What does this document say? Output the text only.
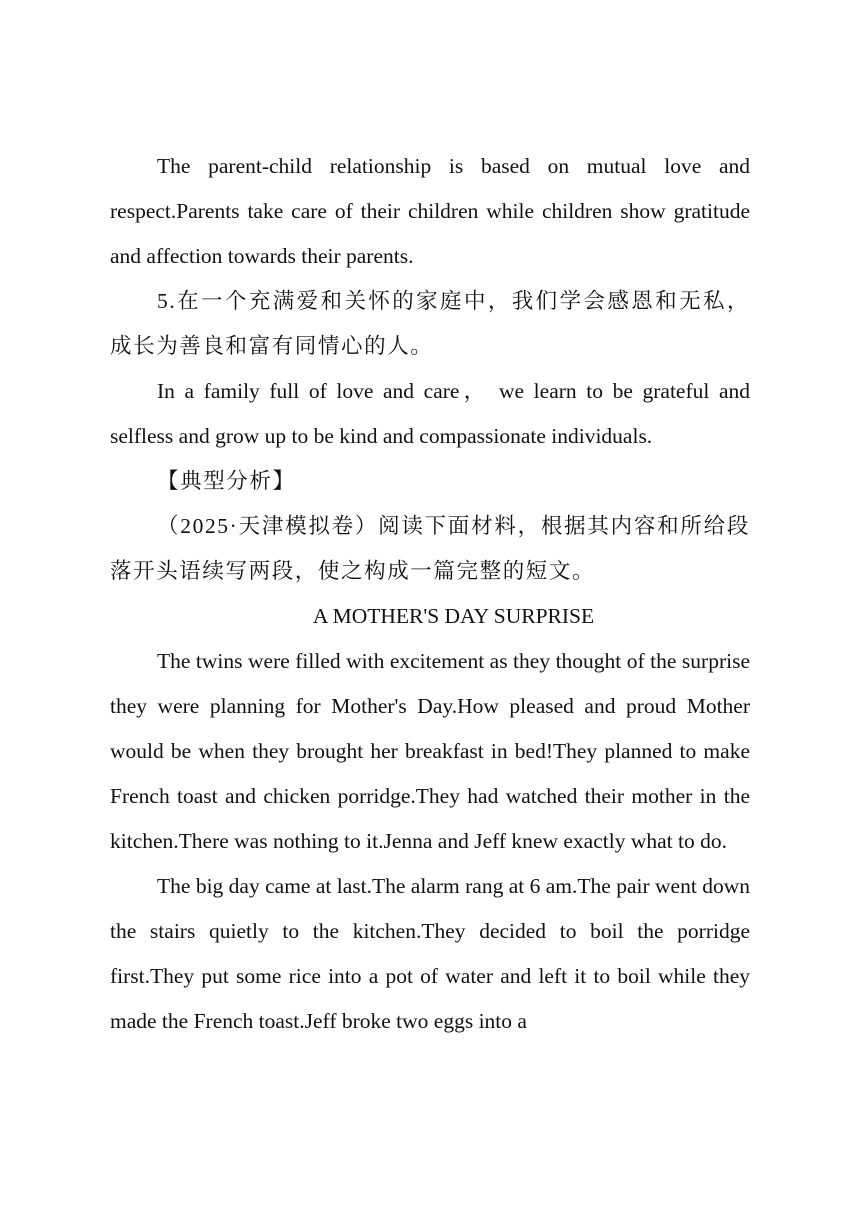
The parent-child relationship is based on mutual love and respect.Parents take care of their children while children show gratitude and affection towards their parents.

5.在一个充满爱和关怀的家庭中，我们学会感恩和无私，成长为善良和富有同情心的人。

In a family full of love and care， we learn to be grateful and selfless and grow up to be kind and compassionate individuals.

【典型分析】

（2025·天津模拟卷）阅读下面材料，根据其内容和所给段落开头语续写两段，使之构成一篇完整的短文。

A MOTHER'S DAY SURPRISE

The twins were filled with excitement as they thought of the surprise they were planning for Mother's Day.How pleased and proud Mother would be when they brought her breakfast in bed!They planned to make French toast and chicken porridge.They had watched their mother in the kitchen.There was nothing to it.Jenna and Jeff knew exactly what to do.

The big day came at last.The alarm rang at 6 am.The pair went down the stairs quietly to the kitchen.They decided to boil the porridge first.They put some rice into a pot of water and left it to boil while they made the French toast.Jeff broke two eggs into a
